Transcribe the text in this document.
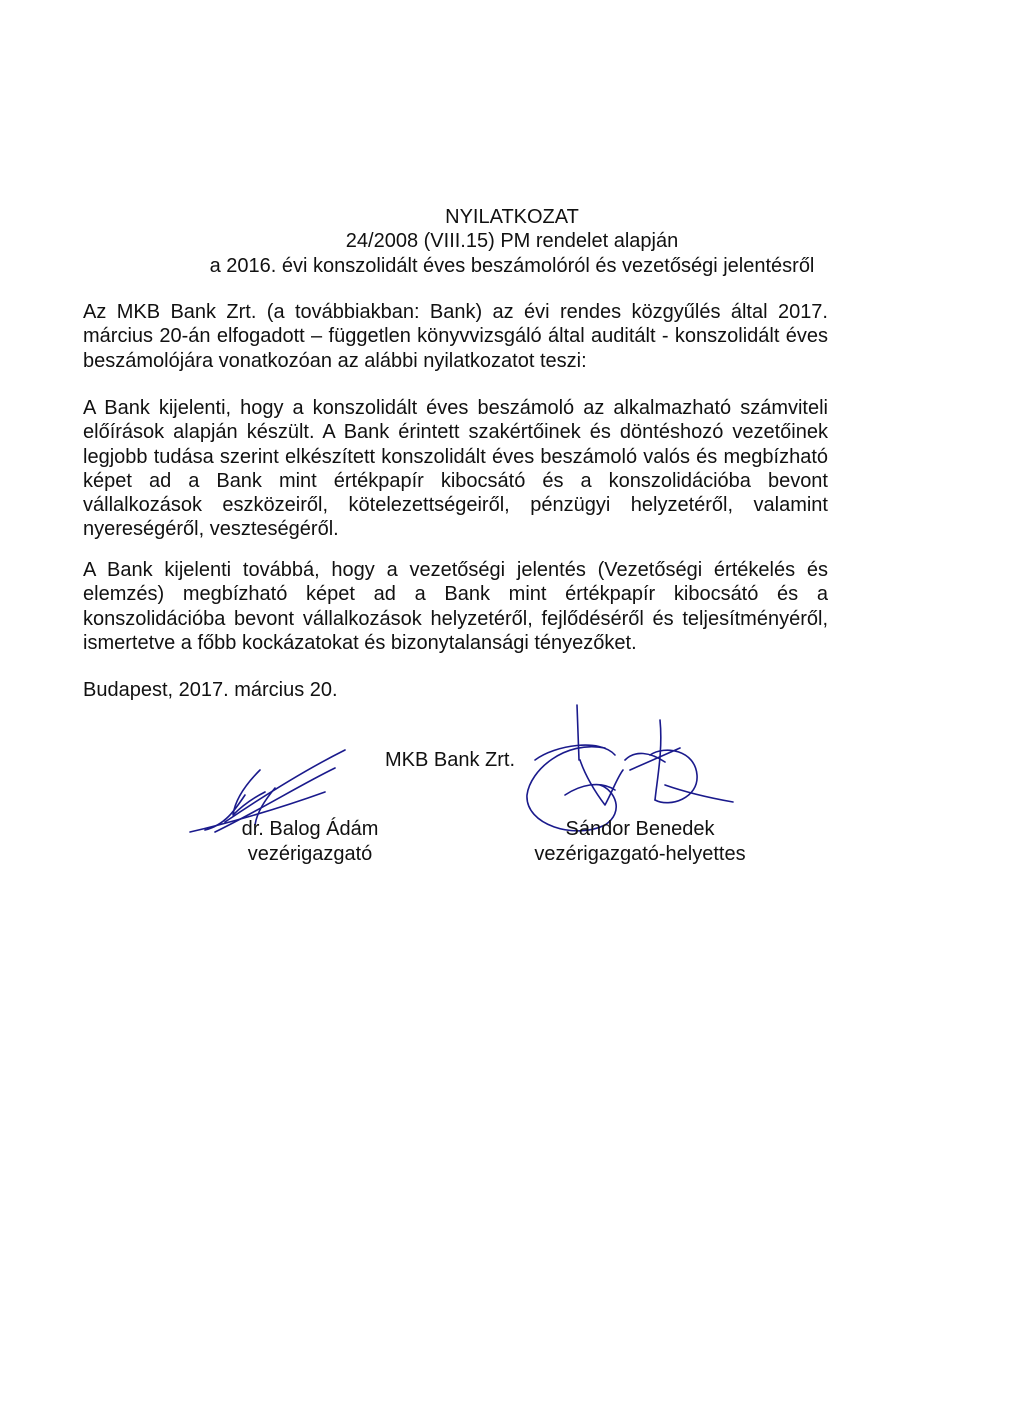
NYILATKOZAT
24/2008 (VIII.15) PM rendelet alapján
a 2016. évi konszolidált éves beszámolóról és vezetőségi jelentésről

Az MKB Bank Zrt. (a továbbiakban: Bank) az évi rendes közgyűlés által 2017. március 20-án elfogadott – független könyvvizsgáló által auditált - konszolidált éves beszámolójára vonatkozóan az alábbi nyilatkozatot teszi:

A Bank kijelenti, hogy a konszolidált éves beszámoló az alkalmazható számviteli előírások alapján készült. A Bank érintett szakértőinek és döntéshozó vezetőinek legjobb tudása szerint elkészített konszolidált éves beszámoló valós és megbízható képet ad a Bank mint értékpapír kibocsátó és a konszolidációba bevont vállalkozások eszközeiről, kötelezettségeiről, pénzügyi helyzetéről, valamint nyereségéről, veszteségéről.

A Bank kijelenti továbbá, hogy a vezetőségi jelentés (Vezetőségi értékelés és elemzés) megbízható képet ad a Bank mint értékpapír kibocsátó és a konszolidációba bevont vállalkozások helyzetéről, fejlődéséről és teljesítményéről, ismertetve a főbb kockázatokat és bizonytalansági tényezőket.

Budapest, 2017. március 20.

MKB Bank Zrt.
dr. Balog Ádám
vezérigazgató
Sándor Benedek
vezérigazgató-helyettes
